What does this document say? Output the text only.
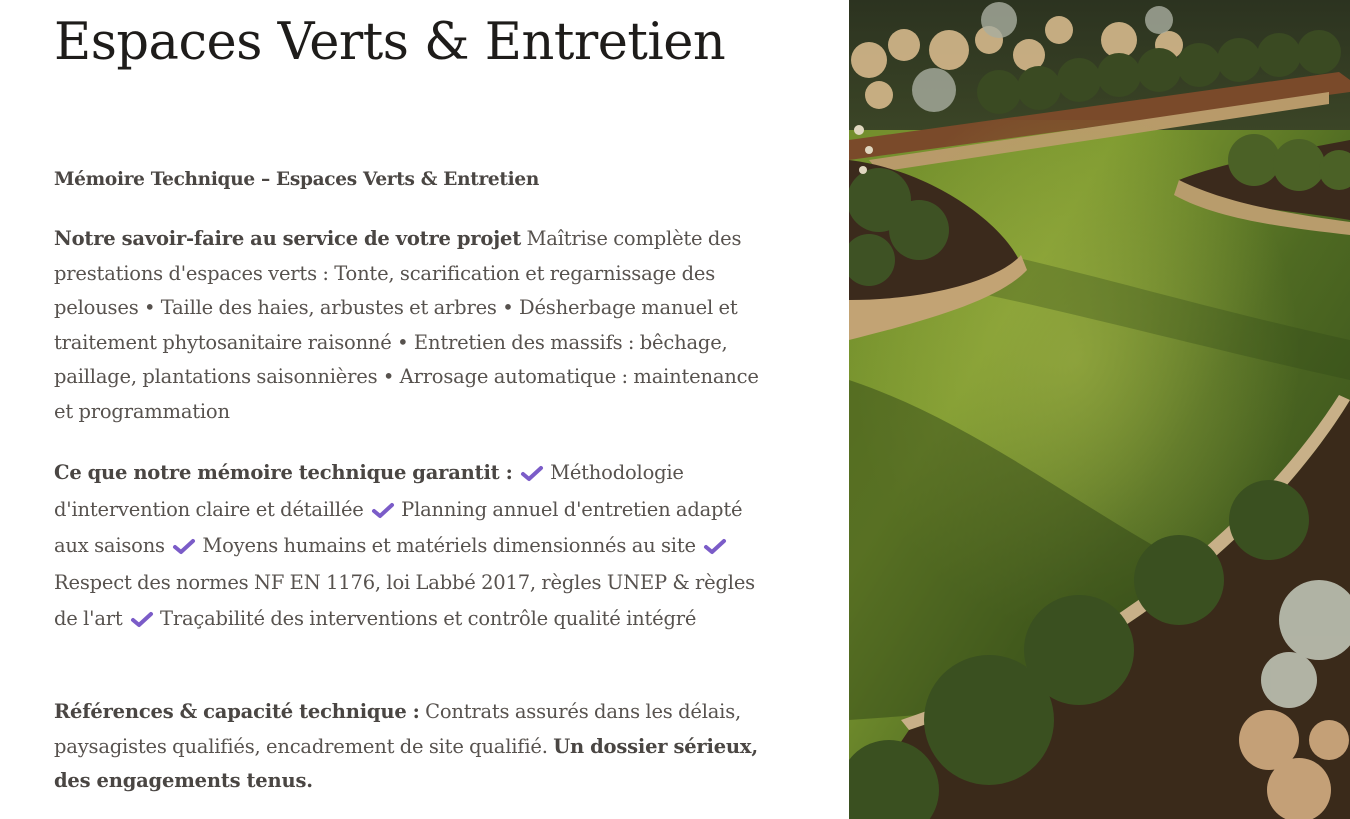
Espaces Verts & Entretien

Mémoire Technique – Espaces Verts & Entretien

Notre savoir-faire au service de votre projet Maîtrise complète des prestations d'espaces verts : Tonte, scarification et regarnissage des pelouses • Taille des haies, arbustes et arbres • Désherbage manuel et traitement phytosanitaire raisonné • Entretien des massifs : bêchage, paillage, plantations saisonnières • Arrosage automatique : maintenance et programmation

Ce que notre mémoire technique garantit : Méthodologie d'intervention claire et détaillée Planning annuel d'entretien adapté aux saisons Moyens humains et matériels dimensionnés au site
Respect des normes NF EN 1176, loi Labbé 2017, règles UNEP & règles de l'art Traçabilité des interventions et contrôle qualité intégré

Références & capacité technique : Contrats assurés dans les délais, paysagistes qualifiés, encadrement de site qualifié. Un dossier sérieux, des engagements tenus.
